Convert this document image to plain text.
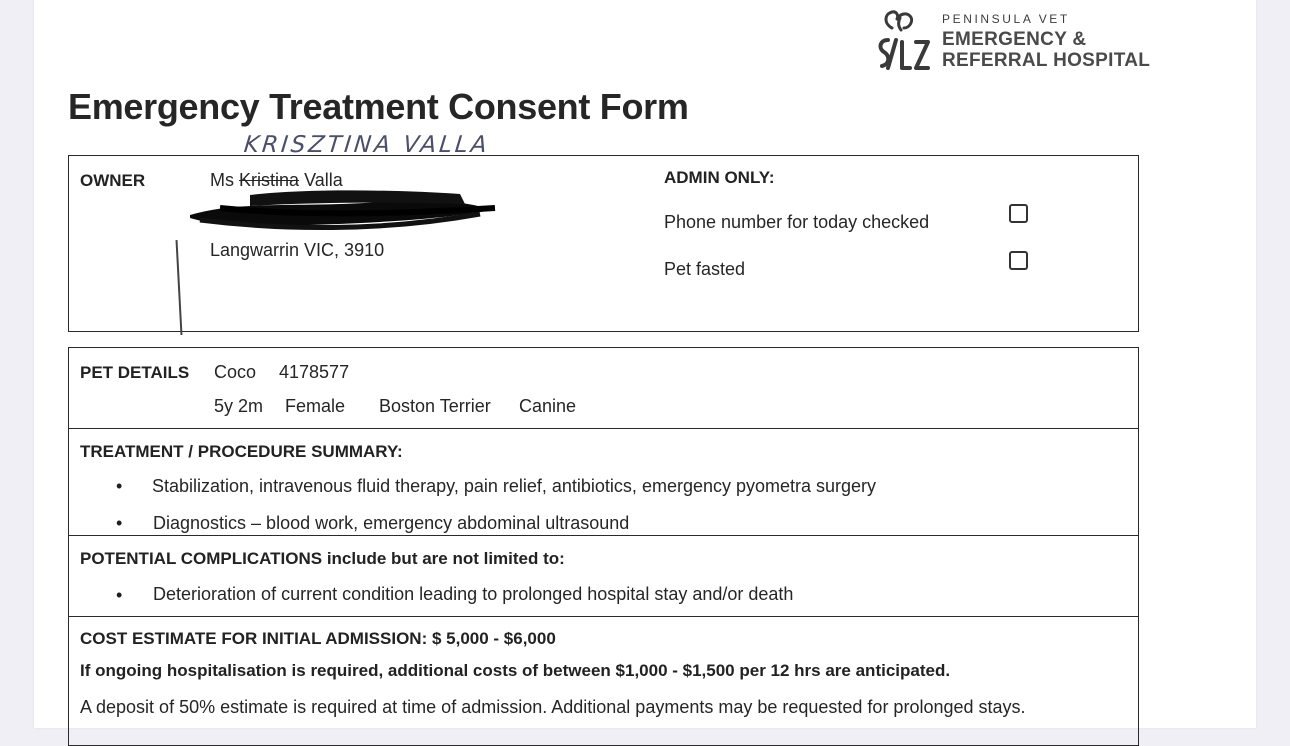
PENINSULA VET
EMERGENCY &
REFERRAL HOSPITAL
Emergency Treatment Consent Form
KRISZTINA VALLA
OWNER	Ms Kristina Valla
Langwarrin VIC, 3910
ADMIN ONLY:
Phone number for today checked
Pet fasted
PET DETAILS Coco 4178577
5y 2m Female Boston Terrier Canine
TREATMENT / PROCEDURE SUMMARY:
• Stabilization, intravenous fluid therapy, pain relief, antibiotics, emergency pyometra surgery
• Diagnostics – blood work, emergency abdominal ultrasound
POTENTIAL COMPLICATIONS include but are not limited to:
• Deterioration of current condition leading to prolonged hospital stay and/or death
COST ESTIMATE FOR INITIAL ADMISSION: $ 5,000 - $6,000
If ongoing hospitalisation is required, additional costs of between $1,000 - $1,500 per 12 hrs are anticipated.
A deposit of 50% estimate is required at time of admission. Additional payments may be requested for prolonged stays.
